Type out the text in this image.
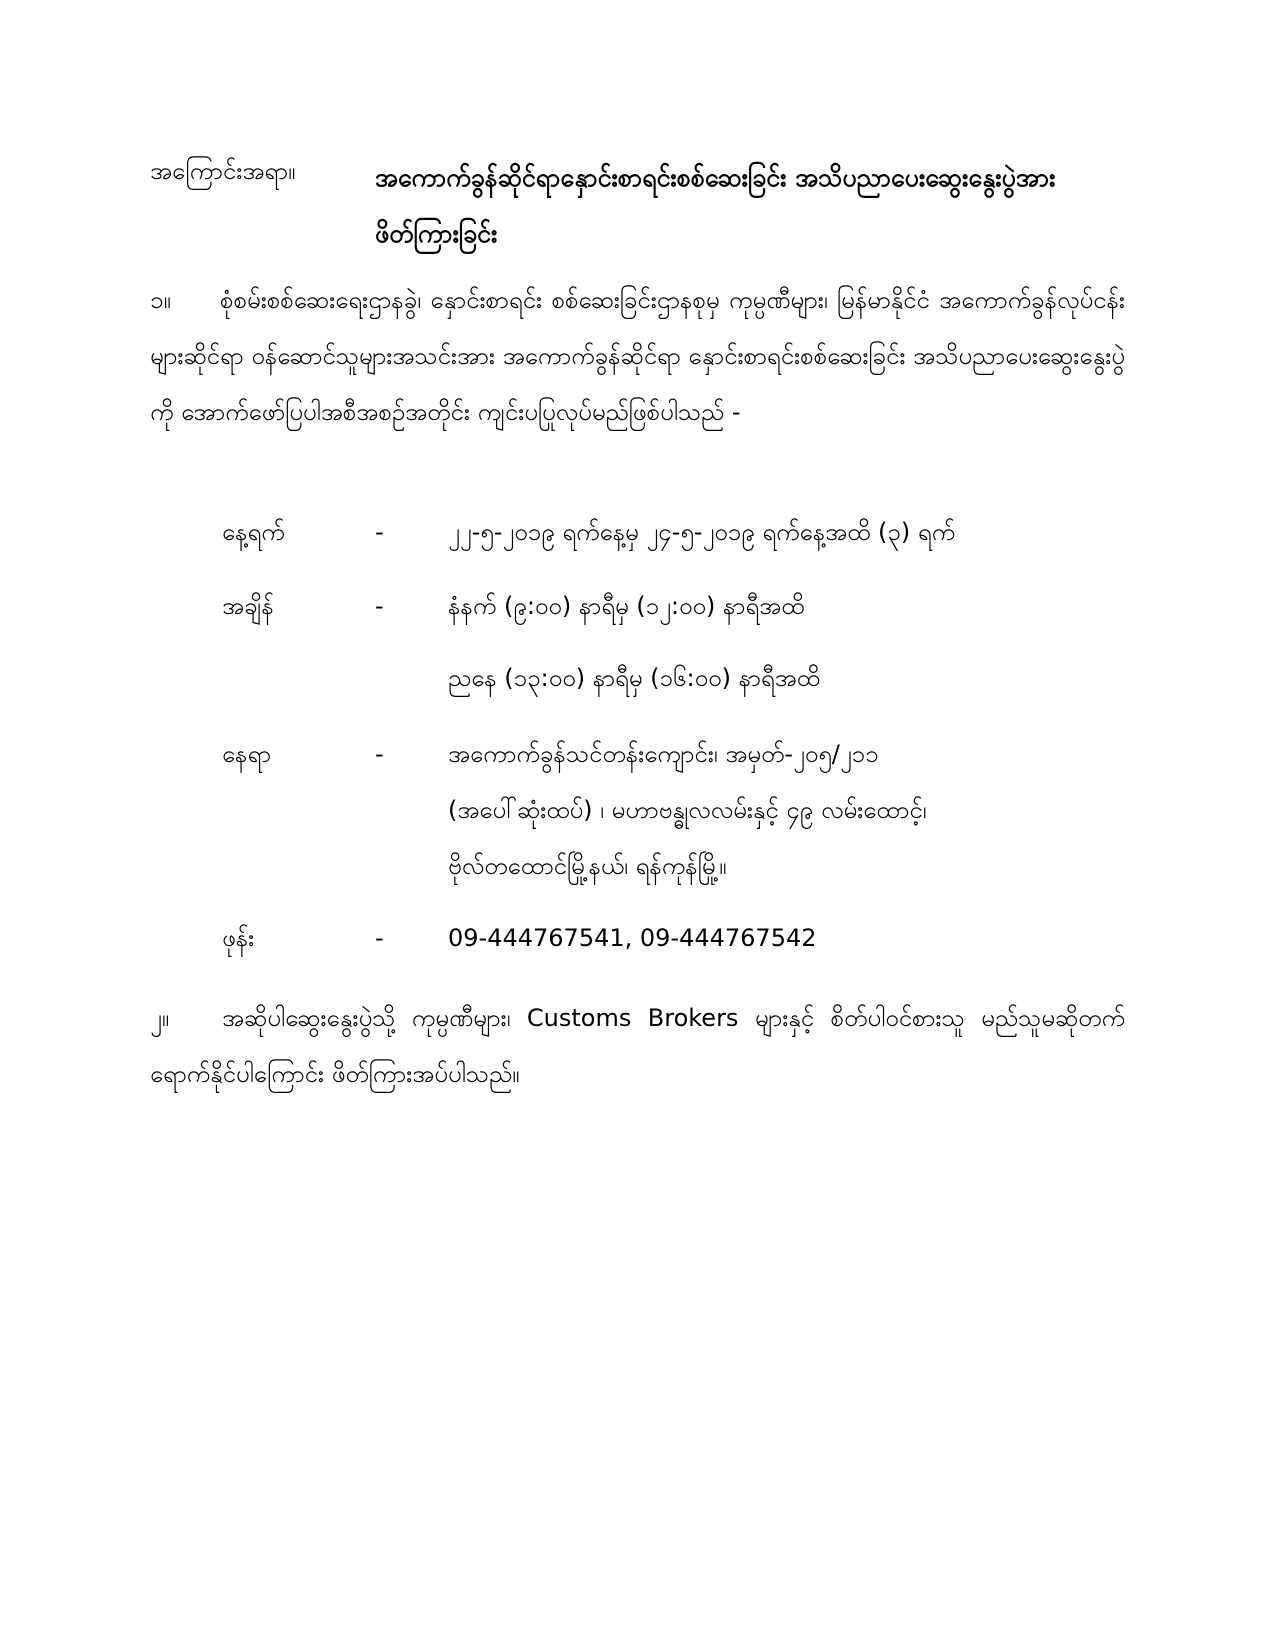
အကြောင်းအရာ။	အကောက်ခွန်ဆိုင်ရာနှောင်းစာရင်းစစ်ဆေးခြင်း အသိပညာပေးဆွေးနွေးပွဲအား ဖိတ်ကြားခြင်း
၁။ စုံစမ်းစစ်ဆေးရေးဌာနခွဲ၊ နှောင်းစာရင်း စစ်ဆေးခြင်းဌာနစုမှ ကုမ္ပဏီများ၊ မြန်မာနိုင်ငံ အကောက်ခွန်လုပ်ငန်းများဆိုင်ရာ ဝန်ဆောင်သူများအသင်းအား အကောက်ခွန်ဆိုင်ရာ နှောင်းစာရင်းစစ်ဆေးခြင်း အသိပညာပေးဆွေးနွေးပွဲကို အောက်ဖော်ပြပါအစီအစဉ်အတိုင်း ကျင်းပပြုလုပ်မည်ဖြစ်ပါသည် -
နေ့ရက်	-	၂၂-၅-၂၀၁၉ ရက်နေ့မှ ၂၄-၅-၂၀၁၉ ရက်နေ့အထိ (၃) ရက်
အချိန်	-	နံနက် (၉:၀၀) နာရီမှ (၁၂:၀၀) နာရီအထိ
ညနေ (၁၃:၀၀) နာရီမှ (၁၆:၀၀) နာရီအထိ
နေရာ	-	အကောက်ခွန်သင်တန်းကျောင်း၊ အမှတ်-၂၀၅/၂၁၁
(အပေါ်ဆုံးထပ်) ၊ မဟာဗန္ဓုလလမ်းနှင့် ၄၉ လမ်းထောင့်၊
ဗိုလ်တထောင်မြို့နယ်၊ ရန်ကုန်မြို့။
ဖုန်း	-	09-444767541, 09-444767542
၂။ အဆိုပါဆွေးနွေးပွဲသို့ ကုမ္ပဏီများ၊ Customs Brokers များနှင့် စိတ်ပါဝင်စားသူ မည်သူမဆိုတက်ရောက်နိုင်ပါကြောင်း ဖိတ်ကြားအပ်ပါသည်။
